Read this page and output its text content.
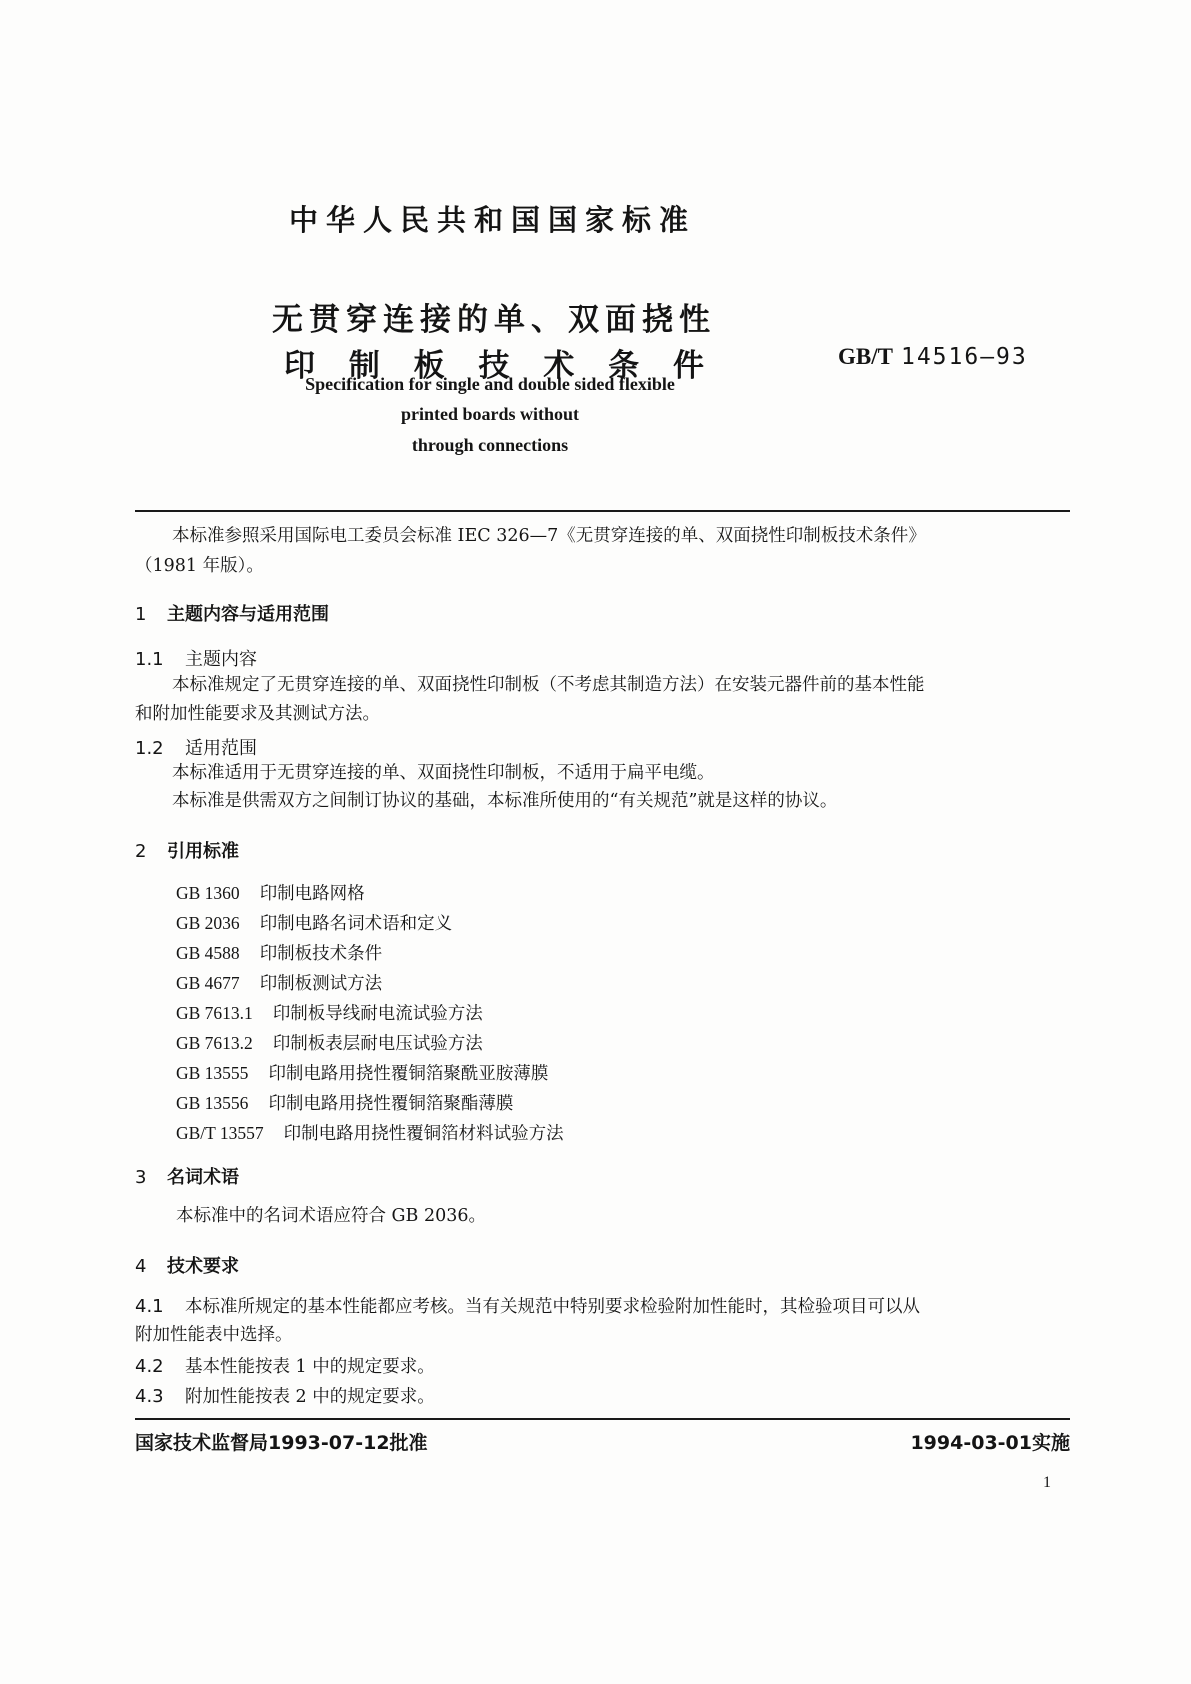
中华人民共和国国家标准
无贯穿连接的单、双面挠性
印 制 板 技 术 条 件	GB/T 14516—93
Specification for single and double sided flexible
printed boards without
through connections
本标准参照采用国际电工委员会标准 IEC 326—7《无贯穿连接的单、双面挠性印制板技术条件》
（1981 年版）。
1 主题内容与适用范围
1.1 主题内容
本标准规定了无贯穿连接的单、双面挠性印制板（不考虑其制造方法）在安装元器件前的基本性能
和附加性能要求及其测试方法。
1.2 适用范围
本标准适用于无贯穿连接的单、双面挠性印制板，不适用于扁平电缆。
本标准是供需双方之间制订协议的基础，本标准所使用的“有关规范”就是这样的协议。
2 引用标准
GB 1360 印制电路网格
GB 2036 印制电路名词术语和定义
GB 4588 印制板技术条件
GB 4677 印制板测试方法
GB 7613.1 印制板导线耐电流试验方法
GB 7613.2 印制板表层耐电压试验方法
GB 13555 印制电路用挠性覆铜箔聚酰亚胺薄膜
GB 13556 印制电路用挠性覆铜箔聚酯薄膜
GB/T 13557 印制电路用挠性覆铜箔材料试验方法
3 名词术语
本标准中的名词术语应符合 GB 2036。
4 技术要求
4.1 本标准所规定的基本性能都应考核。当有关规范中特别要求检验附加性能时，其检验项目可以从
附加性能表中选择。
4.2 基本性能按表 1 中的规定要求。
4.3 附加性能按表 2 中的规定要求。
国家技术监督局1993-07-12批准	1994-03-01实施
1
